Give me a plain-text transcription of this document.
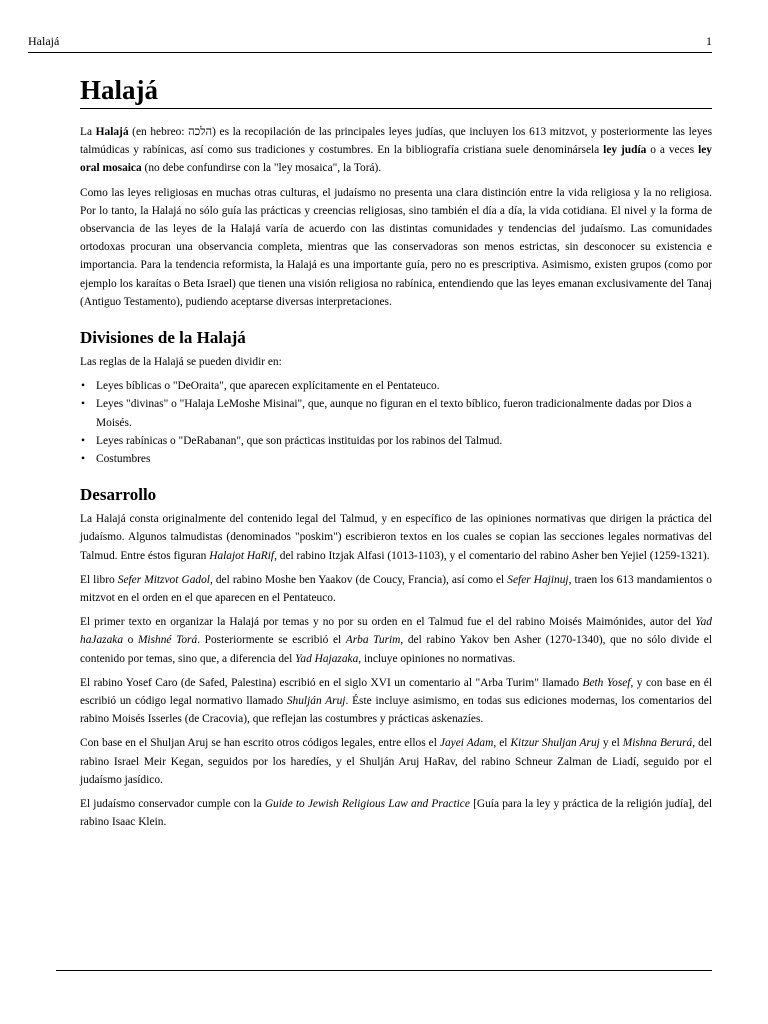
Halajá	1
Halajá

La Halajá (en hebreo: הלכה) es la recopilación de las principales leyes judías, que incluyen los 613 mitzvot, y posteriormente las leyes talmúdicas y rabínicas, así como sus tradiciones y costumbres. En la bibliografía cristiana suele denominársela ley judía o a veces ley oral mosaica (no debe confundirse con la "ley mosaica", la Torá).

Como las leyes religiosas en muchas otras culturas, el judaísmo no presenta una clara distinción entre la vida religiosa y la no religiosa. Por lo tanto, la Halajá no sólo guía las prácticas y creencias religiosas, sino también el día a día, la vida cotidiana. El nivel y la forma de observancia de las leyes de la Halajá varía de acuerdo con las distintas comunidades y tendencias del judaísmo. Las comunidades ortodoxas procuran una observancia completa, mientras que las conservadoras son menos estrictas, sin desconocer su existencia e importancia. Para la tendencia reformista, la Halajá es una importante guía, pero no es prescriptiva. Asimismo, existen grupos (como por ejemplo los karaítas o Beta Israel) que tienen una visión religiosa no rabínica, entendiendo que las leyes emanan exclusivamente del Tanaj (Antiguo Testamento), pudiendo aceptarse diversas interpretaciones.

Divisiones de la Halajá

Las reglas de la Halajá se pueden dividir en:

• Leyes bíblicas o "DeOraita", que aparecen explícitamente en el Pentateuco.
• Leyes "divinas" o "Halaja LeMoshe Misinai", que, aunque no figuran en el texto bíblico, fueron tradicionalmente dadas por Dios a Moisés.
• Leyes rabínicas o "DeRabanan", que son prácticas instituidas por los rabinos del Talmud.
• Costumbres
Desarrollo

La Halajá consta originalmente del contenido legal del Talmud, y en específico de las opiniones normativas que dirigen la práctica del judaísmo. Algunos talmudistas (denominados "poskim") escribieron textos en los cuales se copian las secciones legales normativas del Talmud. Entre éstos figuran Halajot HaRif, del rabino Itzjak Alfasi (1013-1103), y el comentario del rabino Asher ben Yejiel (1259-1321).

El libro Sefer Mitzvot Gadol, del rabino Moshe ben Yaakov (de Coucy, Francia), así como el Sefer Hajinuj, traen los 613 mandamientos o mitzvot en el orden en el que aparecen en el Pentateuco.

El primer texto en organizar la Halajá por temas y no por su orden en el Talmud fue el del rabino Moisés Maimónides, autor del Yad haJazaka o Mishné Torá. Posteriormente se escribió el Arba Turim, del rabino Yakov ben Asher (1270-1340), que no sólo divide el contenido por temas, sino que, a diferencia del Yad Hajazaka, incluye opiniones no normativas.

El rabino Yosef Caro (de Safed, Palestina) escribió en el siglo XVI un comentario al "Arba Turim" llamado Beth Yosef, y con base en él escribió un código legal normativo llamado Shulján Aruj. Éste incluye asimismo, en todas sus ediciones modernas, los comentarios del rabino Moisés Isserles (de Cracovia), que reflejan las costumbres y prácticas askenazíes.

Con base en el Shuljan Aruj se han escrito otros códigos legales, entre ellos el Jayei Adam, el Kitzur Shuljan Aruj y el Mishna Berurá, del rabino Israel Meir Kegan, seguidos por los haredíes, y el Shulján Aruj HaRav, del rabino Schneur Zalman de Liadí, seguido por el judaísmo jasídico.

El judaísmo conservador cumple con la Guide to Jewish Religious Law and Practice [Guía para la ley y práctica de la religión judía], del rabino Isaac Klein.
